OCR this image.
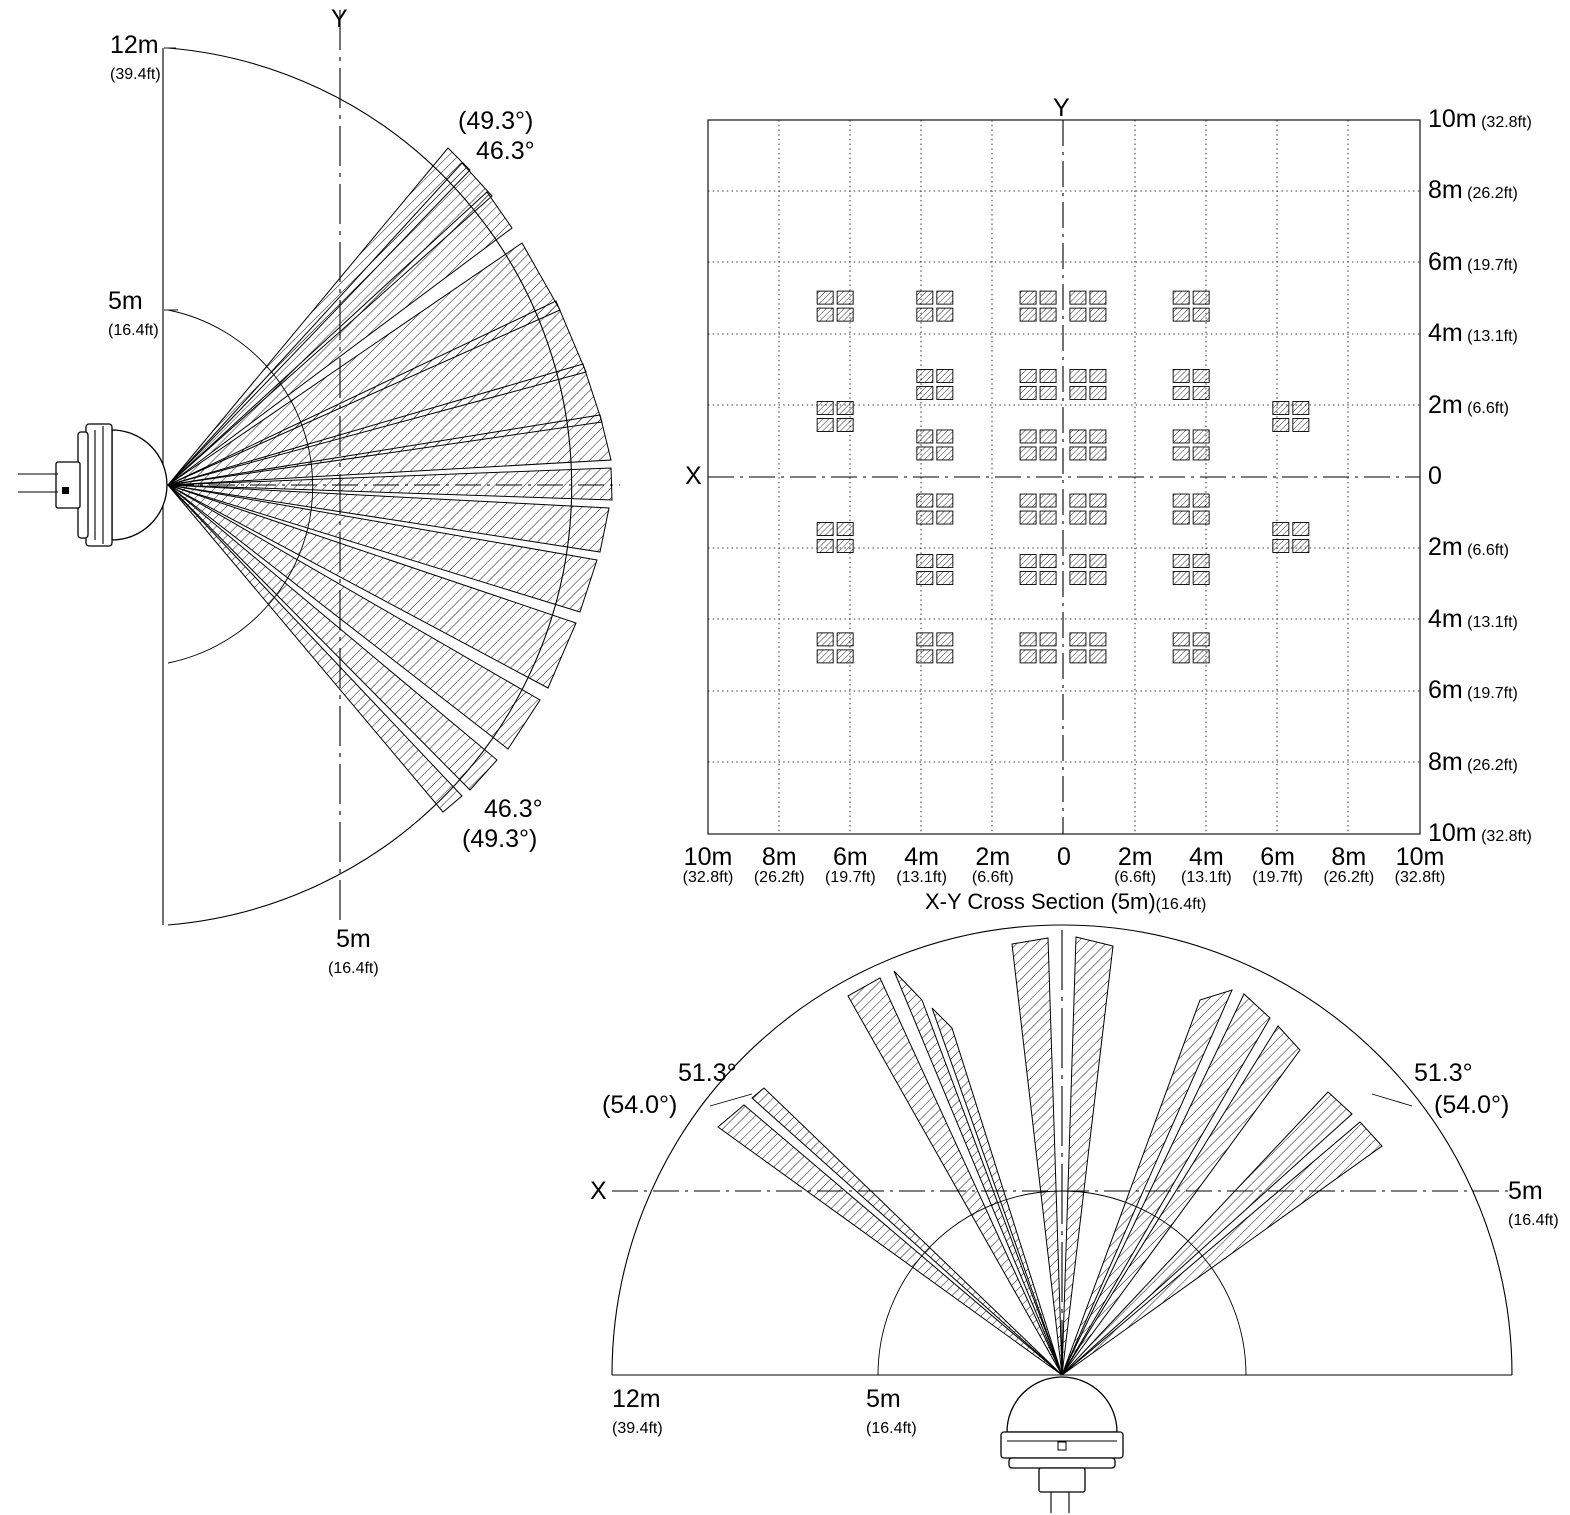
12m
(39.4ft)
5m
(16.4ft)
Y
(49.3°)
46.3°
46.3°
(49.3°)
5m
(16.4ft)
X
Y	10m (32.8ft)
8m (26.2ft)
6m (19.7ft)
4m (13.1ft)
2m (6.6ft)
0
2m (6.6ft)
4m (13.1ft)
6m (19.7ft)
8m (26.2ft)
10m (32.8ft)
10m
(32.8ft)
8m
(26.2ft)
6m
(19.7ft)
4m
(13.1ft)
2m
(6.6ft)
0	2m
(6.6ft)
4m
(13.1ft)
6m
(19.7ft)
8m
(26.2ft)
10m
(32.8ft)
X-Y Cross Section (5m)(16.4ft)
X
51.3°
(54.0°)
51.3°
(54.0°)
5m
(16.4ft)
12m
(39.4ft)
5m
(16.4ft)
